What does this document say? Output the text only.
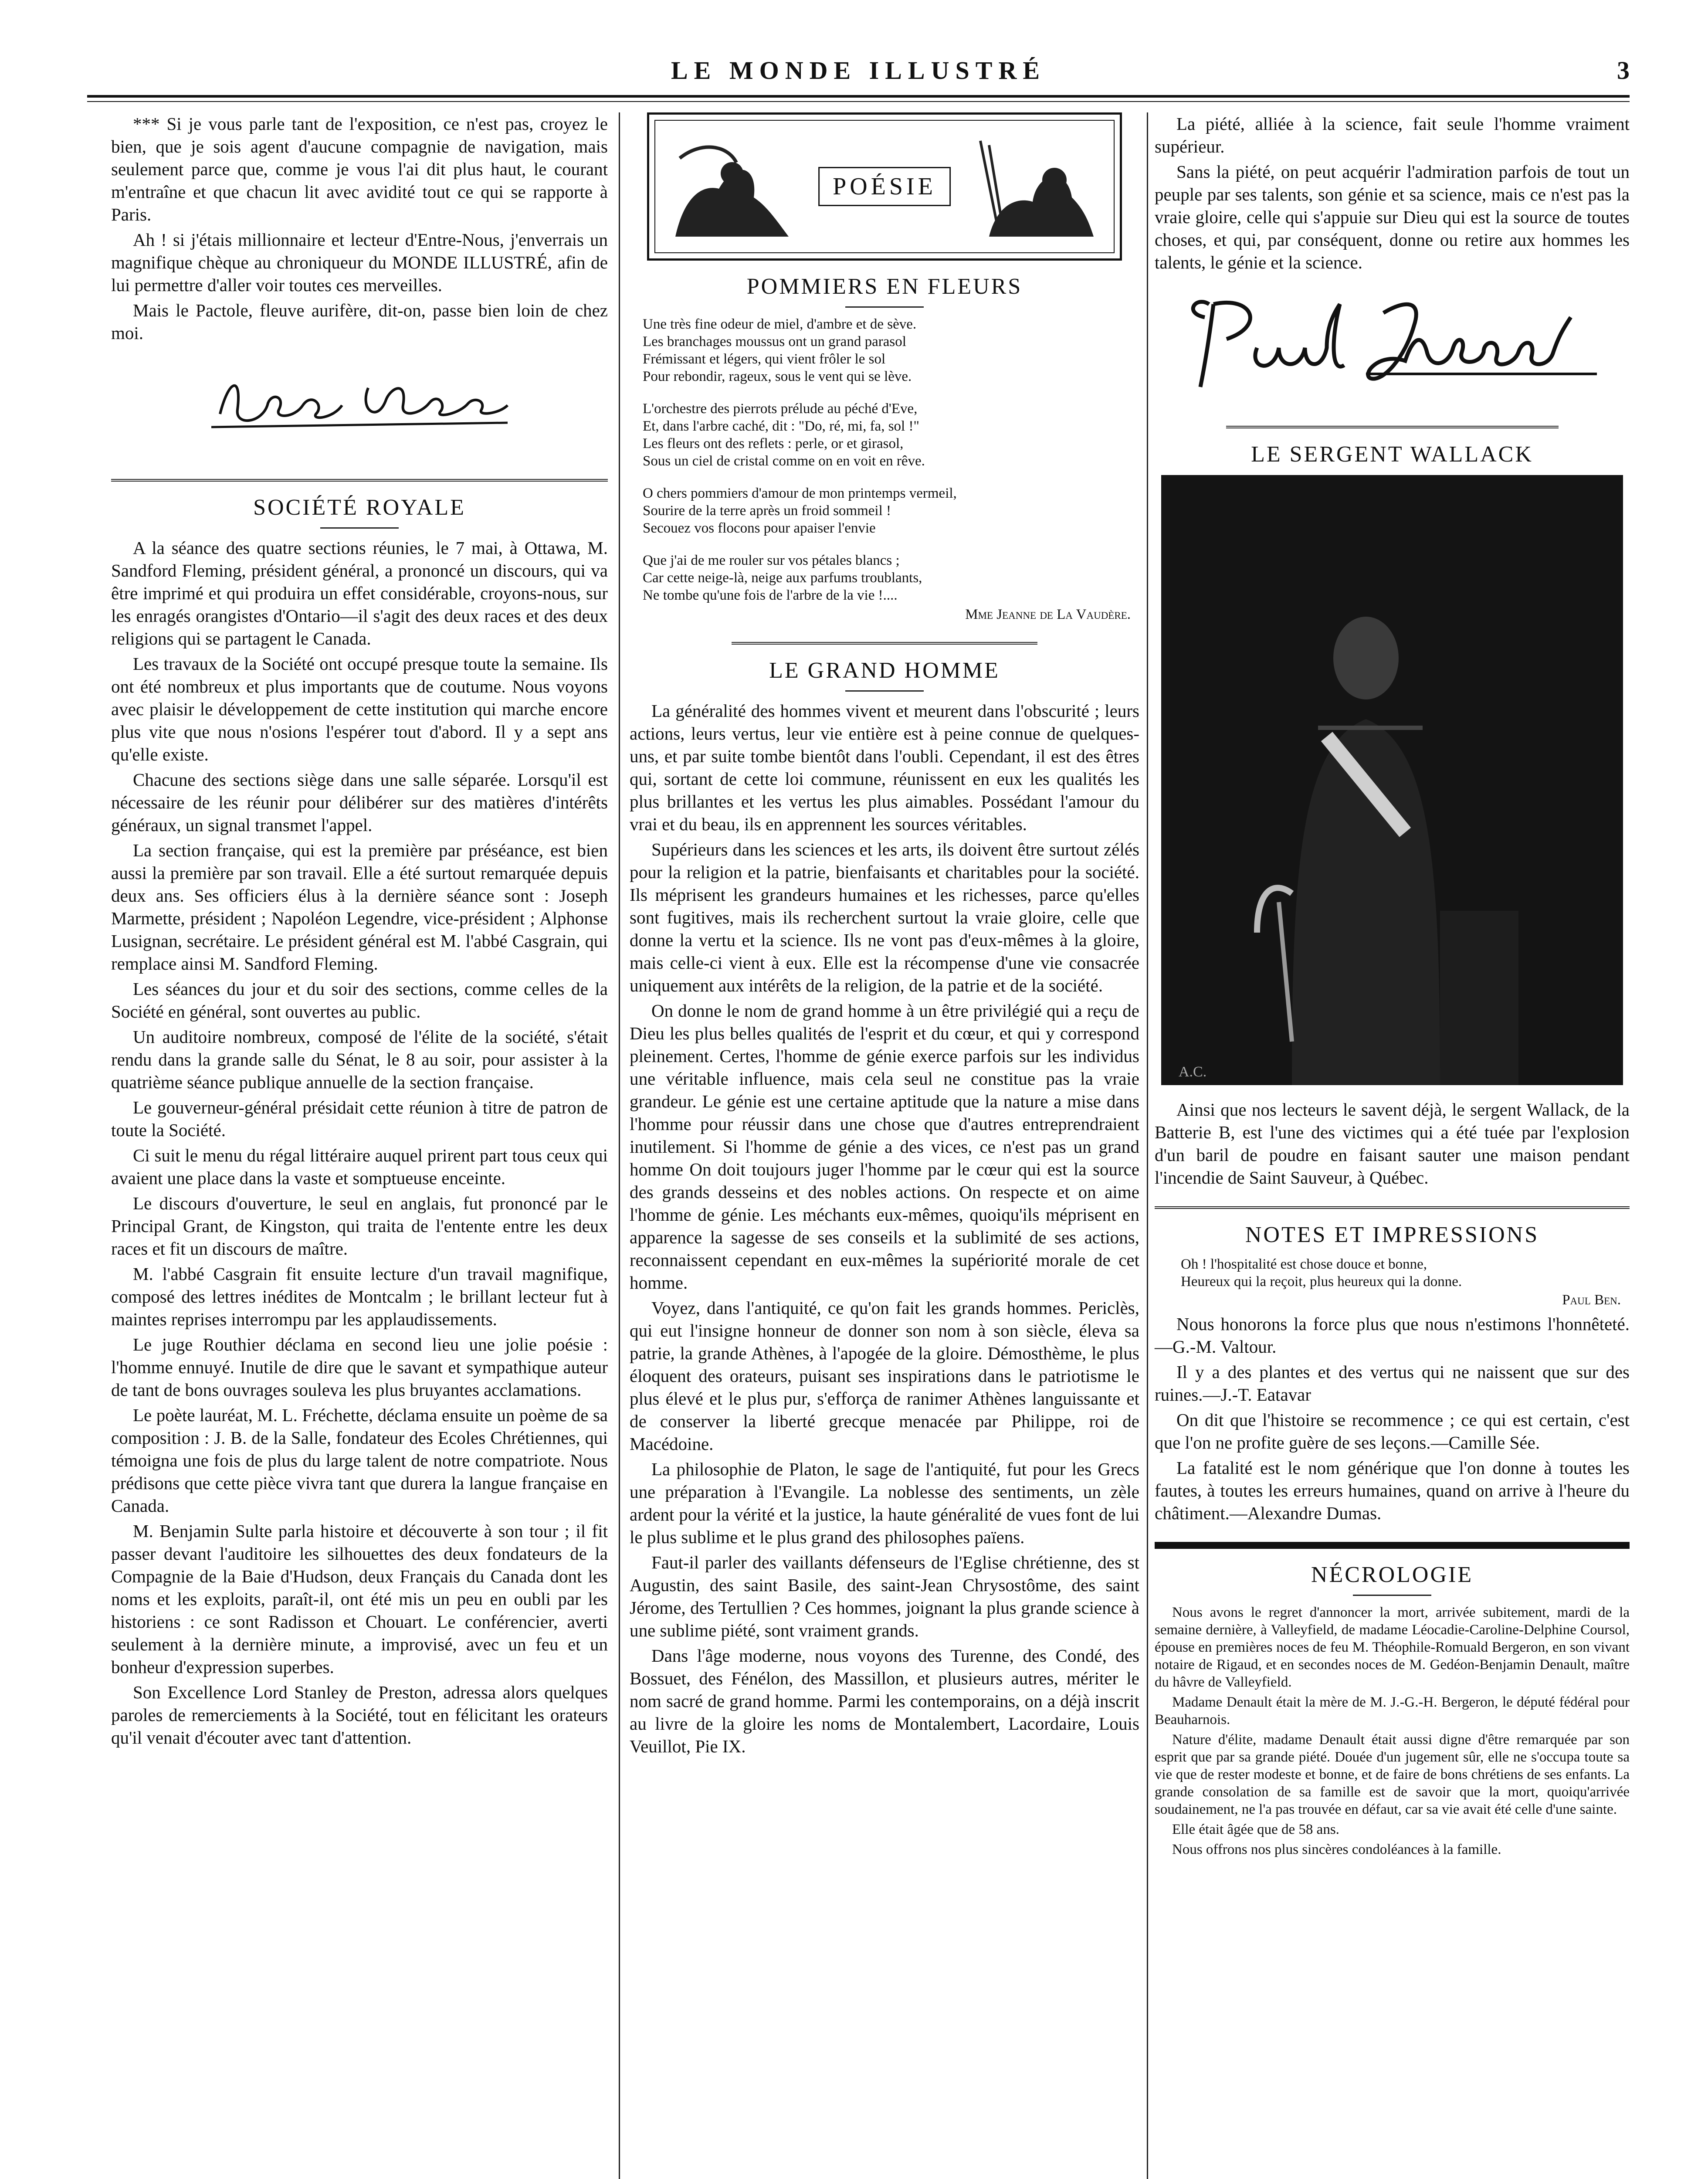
LE MONDE ILLUSTRÉ	3

*** Si je vous parle tant de l'exposition, ce n'est pas, croyez le bien, que je sois agent d'aucune compagnie de navigation, mais seulement parce que, comme je vous l'ai dit plus haut, le courant m'entraîne et que chacun lit avec avidité tout ce qui se rapporte à Paris.

Ah ! si j'étais millionnaire et lecteur d'Entre-Nous, j'enverrais un magnifique chèque au chroniqueur du MONDE ILLUSTRÉ, afin de lui permettre d'aller voir toutes ces merveilles.

Mais le Pactole, fleuve aurifère, dit-on, passe bien loin de chez moi.

SOCIÉTÉ ROYALE

A la séance des quatre sections réunies, le 7 mai, à Ottawa, M. Sandford Fleming, président général, a prononcé un discours, qui va être imprimé et qui produira un effet considérable, croyons-nous, sur les enragés orangistes d'Ontario—il s'agit des deux races et des deux religions qui se partagent le Canada.

Les travaux de la Société ont occupé presque toute la semaine. Ils ont été nombreux et plus importants que de coutume. Nous voyons avec plaisir le développement de cette institution qui marche encore plus vite que nous n'osions l'espérer tout d'abord. Il y a sept ans qu'elle existe.

Chacune des sections siège dans une salle séparée. Lorsqu'il est nécessaire de les réunir pour délibérer sur des matières d'intérêts généraux, un signal transmet l'appel.

La section française, qui est la première par préséance, est bien aussi la première par son travail. Elle a été surtout remarquée depuis deux ans. Ses officiers élus à la dernière séance sont : Joseph Marmette, président ; Napoléon Legendre, vice-président ; Alphonse Lusignan, secrétaire. Le président général est M. l'abbé Casgrain, qui remplace ainsi M. Sandford Fleming.

Les séances du jour et du soir des sections, comme celles de la Société en général, sont ouvertes au public.

Un auditoire nombreux, composé de l'élite de la société, s'était rendu dans la grande salle du Sénat, le 8 au soir, pour assister à la quatrième séance publique annuelle de la section française.

Le gouverneur-général présidait cette réunion à titre de patron de toute la Société.

Ci suit le menu du régal littéraire auquel prirent part tous ceux qui avaient une place dans la vaste et somptueuse enceinte.

Le discours d'ouverture, le seul en anglais, fut prononcé par le Principal Grant, de Kingston, qui traita de l'entente entre les deux races et fit un discours de maître.

M. l'abbé Casgrain fit ensuite lecture d'un travail magnifique, composé des lettres inédites de Montcalm ; le brillant lecteur fut à maintes reprises interrompu par les applaudissements.

Le juge Routhier déclama en second lieu une jolie poésie : l'homme ennuyé. Inutile de dire que le savant et sympathique auteur de tant de bons ouvrages souleva les plus bruyantes acclamations.

Le poète lauréat, M. L. Fréchette, déclama ensuite un poème de sa composition : J. B. de la Salle, fondateur des Ecoles Chrétiennes, qui témoigna une fois de plus du large talent de notre compatriote. Nous prédisons que cette pièce vivra tant que durera la langue française en Canada.

M. Benjamin Sulte parla histoire et découverte à son tour ; il fit passer devant l'auditoire les silhouettes des deux fondateurs de la Compagnie de la Baie d'Hudson, deux Français du Canada dont les noms et les exploits, paraît-il, ont été mis un peu en oubli par les historiens : ce sont Radisson et Chouart. Le conférencier, averti seulement à la dernière minute, a improvisé, avec un feu et un bonheur d'expression superbes.

Son Excellence Lord Stanley de Preston, adressa alors quelques paroles de remerciements à la Société, tout en félicitant les orateurs qu'il venait d'écouter avec tant d'attention.

POÉSIE
POMMIERS EN FLEURS
Une très fine odeur de miel, d'ambre et de sève.
Les branchages moussus ont un grand parasol
Frémissant et légers, qui vient frôler le sol
Pour rebondir, rageux, sous le vent qui se lève.
L'orchestre des pierrots prélude au péché d'Eve,
Et, dans l'arbre caché, dit : "Do, ré, mi, fa, sol !"
Les fleurs ont des reflets : perle, or et girasol,
Sous un ciel de cristal comme on en voit en rêve.
O chers pommiers d'amour de mon printemps vermeil,
Sourire de la terre après un froid sommeil !
Secouez vos flocons pour apaiser l'envie
Que j'ai de me rouler sur vos pétales blancs ;
Car cette neige-là, neige aux parfums troublants,
Ne tombe qu'une fois de l'arbre de la vie !....
Mme Jeanne de La Vaudère.
LE GRAND HOMME

La généralité des hommes vivent et meurent dans l'obscurité ; leurs actions, leurs vertus, leur vie entière est à peine connue de quelques-uns, et par suite tombe bientôt dans l'oubli. Cependant, il est des êtres qui, sortant de cette loi commune, réunissent en eux les qualités les plus brillantes et les vertus les plus aimables. Possédant l'amour du vrai et du beau, ils en apprennent les sources véritables.

Supérieurs dans les sciences et les arts, ils doivent être surtout zélés pour la religion et la patrie, bienfaisants et charitables pour la société. Ils méprisent les grandeurs humaines et les richesses, parce qu'elles sont fugitives, mais ils recherchent surtout la vraie gloire, celle que donne la vertu et la science. Ils ne vont pas d'eux-mêmes à la gloire, mais celle-ci vient à eux. Elle est la récompense d'une vie consacrée uniquement aux intérêts de la religion, de la patrie et de la société.

On donne le nom de grand homme à un être privilégié qui a reçu de Dieu les plus belles qualités de l'esprit et du cœur, et qui y correspond pleinement. Certes, l'homme de génie exerce parfois sur les individus une véritable influence, mais cela seul ne constitue pas la vraie grandeur. Le génie est une certaine aptitude que la nature a mise dans l'homme pour réussir dans une chose que d'autres entreprendraient inutilement. Si l'homme de génie a des vices, ce n'est pas un grand homme On doit toujours juger l'homme par le cœur qui est la source des grands desseins et des nobles actions. On respecte et on aime l'homme de génie. Les méchants eux-mêmes, quoiqu'ils méprisent en apparence la sagesse de ses conseils et la sublimité de ses actions, reconnaissent cependant en eux-mêmes la supériorité morale de cet homme.

Voyez, dans l'antiquité, ce qu'on fait les grands hommes. Periclès, qui eut l'insigne honneur de donner son nom à son siècle, éleva sa patrie, la grande Athènes, à l'apogée de la gloire. Démosthème, le plus éloquent des orateurs, puisant ses inspirations dans le patriotisme le plus élevé et le plus pur, s'efforça de ranimer Athènes languissante et de conserver la liberté grecque menacée par Philippe, roi de Macédoine.

La philosophie de Platon, le sage de l'antiquité, fut pour les Grecs une préparation à l'Evangile. La noblesse des sentiments, un zèle ardent pour la vérité et la justice, la haute généralité de vues font de lui le plus sublime et le plus grand des philosophes païens.

Faut-il parler des vaillants défenseurs de l'Eglise chrétienne, des st Augustin, des saint Basile, des saint-Jean Chrysostôme, des saint Jérome, des Tertullien ? Ces hommes, joignant la plus grande science à une sublime piété, sont vraiment grands.

Dans l'âge moderne, nous voyons des Turenne, des Condé, des Bossuet, des Fénélon, des Massillon, et plusieurs autres, mériter le nom sacré de grand homme. Parmi les contemporains, on a déjà inscrit au livre de la gloire les noms de Montalembert, Lacordaire, Louis Veuillot, Pie IX.

La piété, alliée à la science, fait seule l'homme vraiment supérieur.

Sans la piété, on peut acquérir l'admiration parfois de tout un peuple par ses talents, son génie et sa science, mais ce n'est pas la vraie gloire, celle qui s'appuie sur Dieu qui est la source de toutes choses, et qui, par conséquent, donne ou retire aux hommes les talents, le génie et la science.

LE SERGENT WALLACK
A.C.

Ainsi que nos lecteurs le savent déjà, le sergent Wallack, de la Batterie B, est l'une des victimes qui a été tuée par l'explosion d'un baril de poudre en faisant sauter une maison pendant l'incendie de Saint Sauveur, à Québec.

NOTES ET IMPRESSIONS
Oh ! l'hospitalité est chose douce et bonne,
Heureux qui la reçoit, plus heureux qui la donne.
Paul Ben.

Nous honorons la force plus que nous n'estimons l'honnêteté.—G.-M. Valtour.

Il y a des plantes et des vertus qui ne naissent que sur des ruines.—J.-T. Eatavar

On dit que l'histoire se recommence ; ce qui est certain, c'est que l'on ne profite guère de ses leçons.—Camille Sée.

La fatalité est le nom générique que l'on donne à toutes les fautes, à toutes les erreurs humaines, quand on arrive à l'heure du châtiment.—Alexandre Dumas.

NÉCROLOGIE

Nous avons le regret d'annoncer la mort, arrivée subitement, mardi de la semaine dernière, à Valleyfield, de madame Léocadie-Caroline-Delphine Coursol, épouse en premières noces de feu M. Théophile-Romuald Bergeron, en son vivant notaire de Rigaud, et en secondes noces de M. Gedéon-Benjamin Denault, maître du hâvre de Valleyfield.

Madame Denault était la mère de M. J.-G.-H. Bergeron, le député fédéral pour Beauharnois.

Nature d'élite, madame Denault était aussi digne d'être remarquée par son esprit que par sa grande piété. Douée d'un jugement sûr, elle ne s'occupa toute sa vie que de rester modeste et bonne, et de faire de bons chrétiens de ses enfants. La grande consolation de sa famille est de savoir que la mort, quoiqu'arrivée soudainement, ne l'a pas trouvée en défaut, car sa vie avait été celle d'une sainte.

Elle était âgée que de 58 ans.

Nous offrons nos plus sincères condoléances à la famille.
